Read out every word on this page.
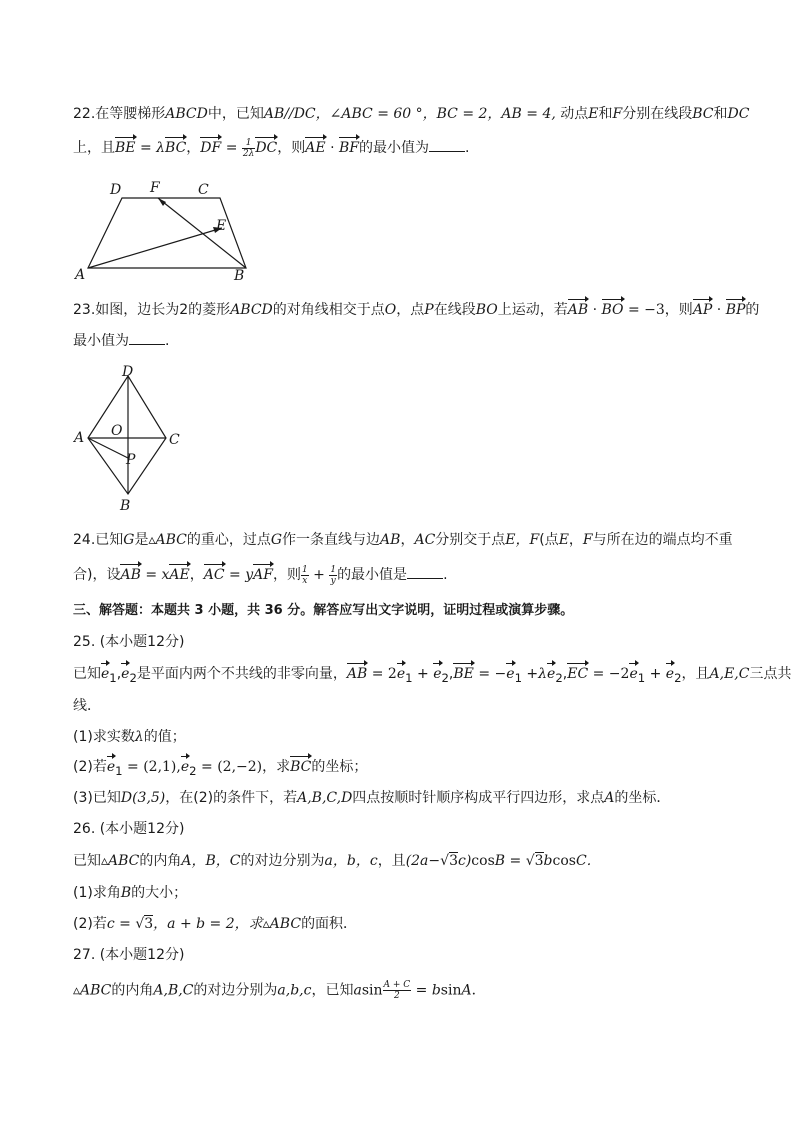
22.在等腰梯形ABCD中，已知AB//DC，∠ABC = 60 °，BC = 2，AB = 4, 动点E和F分别在线段BC和DC
上，且BE = λBC，DF = $\frac{1}{2\lambda}$ DC，则AE · BF的最小值为	.
D F	C
E
A	B
23.如图，边长为2的菱形ABCD的对角线相交于点O，点P在线段BO上运动，若AB · BO = −3，则AP · BP的
最小值为	.
D
A O
C
P
B
24.已知G是▵ABC的重心，过点G作一条直线与边AB，AC分别交于点E，F(点E，F与所在边的端点均不重
合)，设AB = xAE，AC = yAF，则 $\frac{1}{x} + \frac{1}{y}$ 的最小值是	.
三、解答题：本题共 3 小题，共 36 分。解答应写出文字说明，证明过程或演算步骤。
25. (本小题12分)
已知$e_1,e_2$是平面内两个不共线的非零向量，AB = $2e_1 + e_2,BE = -e_1 +\lambda e_2,EC = -2e_1 + e_2$，且A,E,C三点共
线．
(1)求实数λ的值；
(2)若$e_1 = (2,1),e_2 = (2,-2)$，求BC的坐标；
(3)已知D(3,5)，在(2)的条件下，若A,B,C,D四点按顺时针顺序构成平行四边形，求点A的坐标．
26. (本小题12分)
已知▵ABC的内角A，B，C的对边分别为a，b，c，且(2a−√3c)cosB = √3bcosC．
(1)求角B的大小；
(2)若c = √3，a + b = 2，求▵ABC的面积．
27. (本小题12分)
▵ABC的内角A,B,C的对边分别为a,b,c，已知asin $\frac{A + C}{2} = bsinA$．
